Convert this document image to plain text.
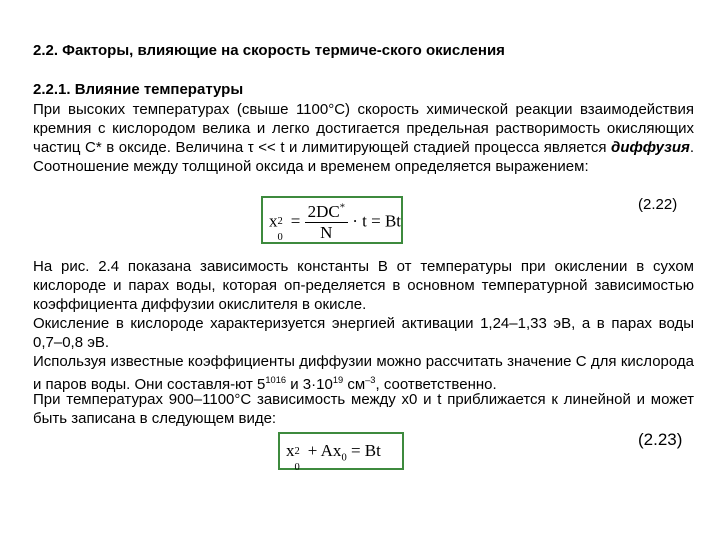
2.2. Факторы, влияющие на скорость термиче-ского окисления
2.2.1. Влияние температуры
При высоких температурах (свыше 1100°С) скорость химической реакции взаимодействия кремния с кислородом велика и легко достигается предельная растворимость окисляющих частиц С* в оксиде. Величина τ << t и лимитирующей стадией процесса является диффузия. Соотношение между толщиной оксида и временем определяется выражением:
x 2
0
= $\frac{2DC^*}{N} \cdot t = Bt$
(2.22)
На рис. 2.4 показана зависимость константы В от температуры при окислении в сухом кислороде и парах воды, которая оп-ределяется в основном температурной зависимостью коэффициента диффузии окислителя в окисле.
Окисление в кислороде характеризуется энергией активации 1,24–1,33 эВ, а в парах воды 0,7–0,8 эВ.
Используя известные коэффициенты диффузии можно рассчитать значение С для кислорода и паров воды. Они составля-ют $5^{1016}$ и $3\cdot 10^{19}$ $см^{-3}$, соответственно.
При температурах 900–1100°С зависимость между x0 и t приближается к линейной и может быть записана в следующем виде:
x 2
0
+ $Ax_0 = Bt$
(2.23)
